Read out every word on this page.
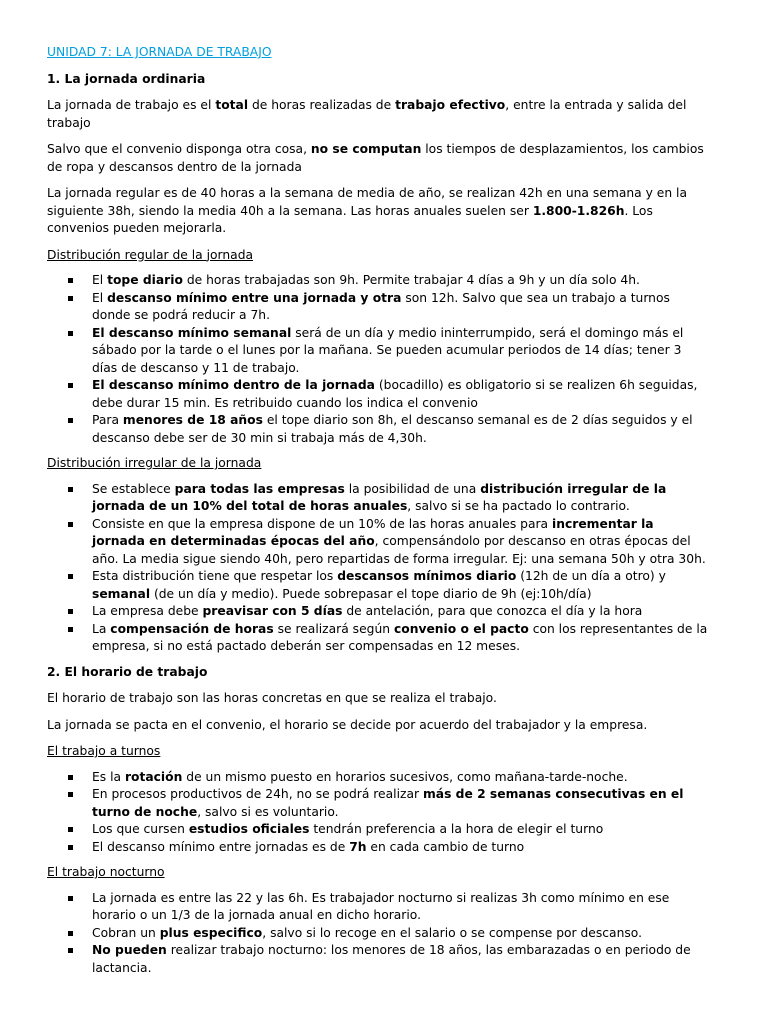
UNIDAD 7: LA JORNADA DE TRABAJO

1. La jornada ordinaria

La jornada de trabajo es el total de horas realizadas de trabajo efectivo, entre la entrada y salida del trabajo

Salvo que el convenio disponga otra cosa, no se computan los tiempos de desplazamientos, los cambios de ropa y descansos dentro de la jornada

La jornada regular es de 40 horas a la semana de media de año, se realizan 42h en una semana y en la siguiente 38h, siendo la media 40h a la semana. Las horas anuales suelen ser 1.800-1.826h. Los convenios pueden mejorarla.

Distribución regular de la jornada

El tope diario de horas trabajadas son 9h. Permite trabajar 4 días a 9h y un día solo 4h.
El descanso mínimo entre una jornada y otra son 12h. Salvo que sea un trabajo a turnos donde se podrá reducir a 7h.
El descanso mínimo semanal será de un día y medio ininterrumpido, será el domingo más el sábado por la tarde o el lunes por la mañana. Se pueden acumular periodos de 14 días; tener 3 días de descanso y 11 de trabajo.
El descanso mínimo dentro de la jornada (bocadillo) es obligatorio si se realizen 6h seguidas, debe durar 15 min. Es retribuido cuando los indica el convenio
Para menores de 18 años el tope diario son 8h, el descanso semanal es de 2 días seguidos y el descanso debe ser de 30 min si trabaja más de 4,30h.

Distribución irregular de la jornada

Se establece para todas las empresas la posibilidad de una distribución irregular de la jornada de un 10% del total de horas anuales, salvo si se ha pactado lo contrario.
Consiste en que la empresa dispone de un 10% de las horas anuales para incrementar la jornada en determinadas épocas del año, compensándolo por descanso en otras épocas del año. La media sigue siendo 40h, pero repartidas de forma irregular. Ej: una semana 50h y otra 30h.
Esta distribución tiene que respetar los descansos mínimos diario (12h de un día a otro) y semanal (de un día y medio). Puede sobrepasar el tope diario de 9h (ej:10h/día)
La empresa debe preavisar con 5 días de antelación, para que conozca el día y la hora
La compensación de horas se realizará según convenio o el pacto con los representantes de la empresa, si no está pactado deberán ser compensadas en 12 meses.

2. El horario de trabajo

El horario de trabajo son las horas concretas en que se realiza el trabajo.

La jornada se pacta en el convenio, el horario se decide por acuerdo del trabajador y la empresa.

El trabajo a turnos

Es la rotación de un mismo puesto en horarios sucesivos, como mañana-tarde-noche.
En procesos productivos de 24h, no se podrá realizar más de 2 semanas consecutivas en el turno de noche, salvo si es voluntario.
Los que cursen estudios oficiales tendrán preferencia a la hora de elegir el turno
El descanso mínimo entre jornadas es de 7h en cada cambio de turno

El trabajo nocturno

La jornada es entre las 22 y las 6h. Es trabajador nocturno si realizas 3h como mínimo en ese horario o un 1/3 de la jornada anual en dicho horario.
Cobran un plus especifico, salvo si lo recoge en el salario o se compense por descanso.
No pueden realizar trabajo nocturno: los menores de 18 años, las embarazadas o en periodo de lactancia.
